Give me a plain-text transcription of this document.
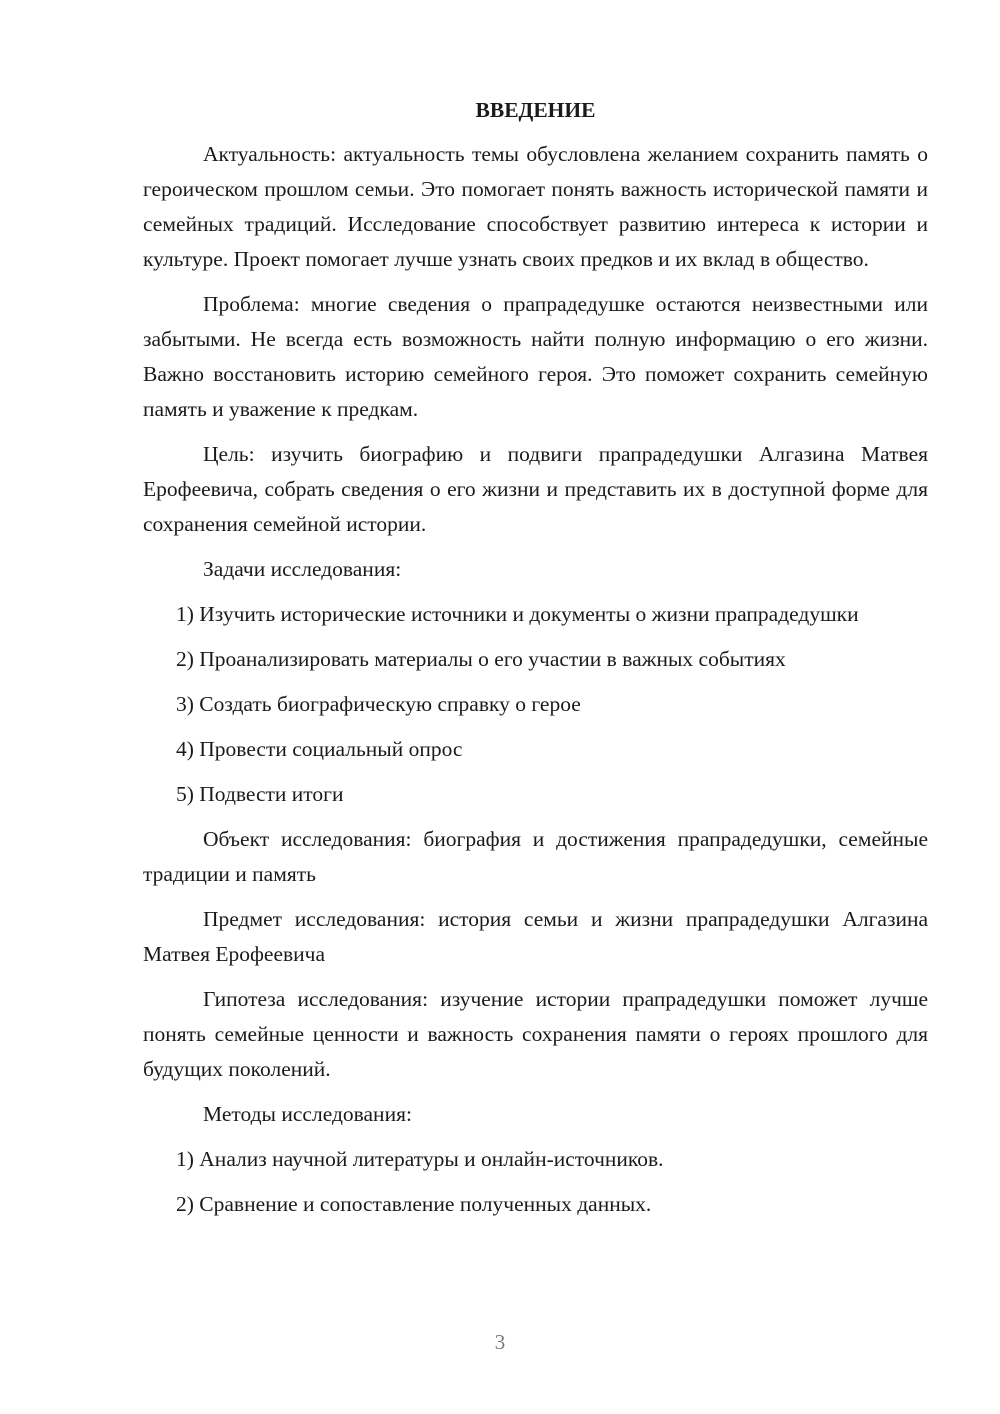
ВВЕДЕНИЕ

Актуальность: актуальность темы обусловлена желанием сохранить память о героическом прошлом семьи. Это помогает понять важность исторической памяти и семейных традиций. Исследование способствует развитию интереса к истории и культуре. Проект помогает лучше узнать своих предков и их вклад в общество.

Проблема: многие сведения о прапрадедушке остаются неизвестными или забытыми. Не всегда есть возможность найти полную информацию о его жизни. Важно восстановить историю семейного героя. Это поможет сохранить семейную память и уважение к предкам.

Цель: изучить биографию и подвиги прапрадедушки Алгазина Матвея Ерофеевича, собрать сведения о его жизни и представить их в доступной форме для сохранения семейной истории.

Задачи исследования:

1) Изучить исторические источники и документы о жизни прапрадедушки

2) Проанализировать материалы о его участии в важных событиях

3) Создать биографическую справку о герое

4) Провести социальный опрос

5) Подвести итоги

Объект исследования: биография и достижения прапрадедушки, семейные традиции и память

Предмет исследования: история семьи и жизни прапрадедушки Алгазина Матвея Ерофеевича

Гипотеза исследования: изучение истории прапрадедушки поможет лучше понять семейные ценности и важность сохранения памяти о героях прошлого для будущих поколений.

Методы исследования:

1) Анализ научной литературы и онлайн-источников.

2) Сравнение и сопоставление полученных данных.

3
